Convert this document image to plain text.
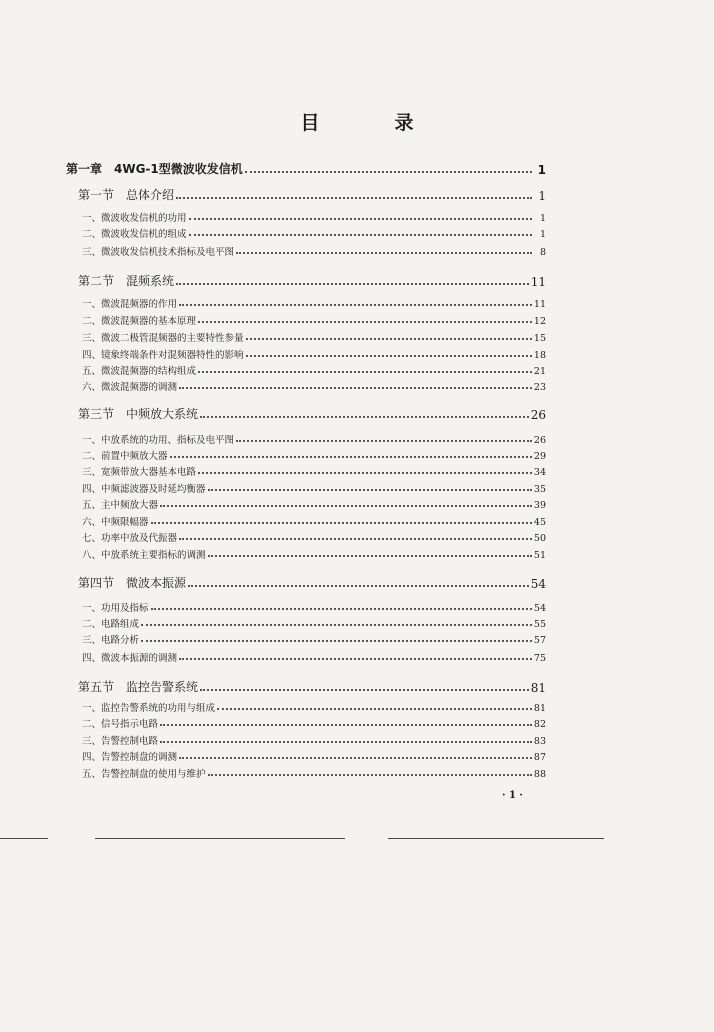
目　录
第一章　4WG-1型微波收发信机	1
第一节　总体介绍	1
一、微波收发信机的功用	1
二、微波收发信机的组成	1
三、微波收发信机技术指标及电平图	8
第二节　混频系统	11
一、微波混频器的作用	11
二、微波混频器的基本原理	12
三、微波二极管混频器的主要特性参量	15
四、镜象终端条件对混频器特性的影响	18
五、微波混频器的结构组成	21
六、微波混频器的调测	23
第三节　中频放大系统	26
一、中放系统的功用、指标及电平图	26
二、前置中频放大器	29
三、宽频带放大器基本电路	34
四、中频滤波器及时延均衡器	35
五、主中频放大器	39
六、中频限幅器	45
七、功率中放及代振器	50
八、中放系统主要指标的调测	51
第四节　微波本振源	54
一、功用及指标	54
二、电路组成	55
三、电路分析	57
四、微波本振源的调测	75
第五节　监控告警系统	81
一、监控告警系统的功用与组成	81
二、信号指示电路	82
三、告警控制电路	83
四、告警控制盘的调测	87
五、告警控制盘的使用与维护	88
· 1 ·
